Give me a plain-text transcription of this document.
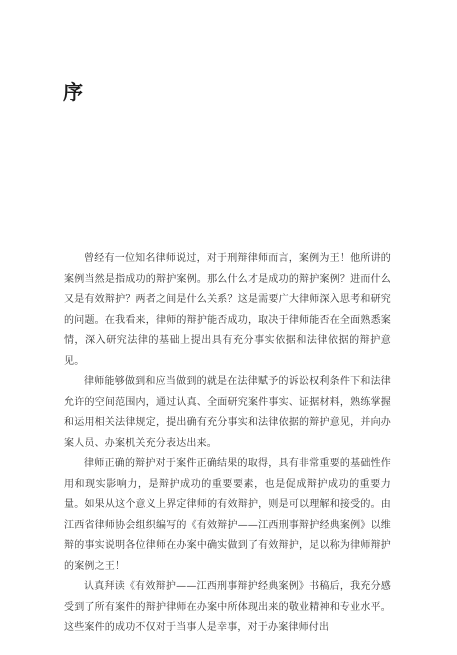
序

曾经有一位知名律师说过，对于刑辩律师而言，案例为王！他所讲的案例当然是指成功的辩护案例。那么什么才是成功的辩护案例？进而什么又是有效辩护？两者之间是什么关系？这是需要广大律师深入思考和研究的问题。在我看来，律师的辩护能否成功，取决于律师能否在全面熟悉案情，深入研究法律的基础上提出具有充分事实依据和法律依据的辩护意见。

律师能够做到和应当做到的就是在法律赋予的诉讼权利条件下和法律允许的空间范围内，通过认真、全面研究案件事实、证据材料，熟练掌握和运用相关法律规定，提出确有充分事实和法律依据的辩护意见，并向办案人员、办案机关充分表达出来。

律师正确的辩护对于案件正确结果的取得，具有非常重要的基础性作用和现实影响力，是辩护成功的重要要素，也是促成辩护成功的重要力量。如果从这个意义上界定律师的有效辩护，则是可以理解和接受的。由江西省律师协会组织编写的《有效辩护——江西刑事辩护经典案例》以维辩的事实说明各位律师在办案中确实做到了有效辩护，足以称为律师辩护的案例之王！

认真拜读《有效辩护——江西刑事辩护经典案例》书稿后，我充分感受到了所有案件的辩护律师在办案中所体现出来的敬业精神和专业水平。这些案件的成功不仅对于当事人是幸事，对于办案律师付出
